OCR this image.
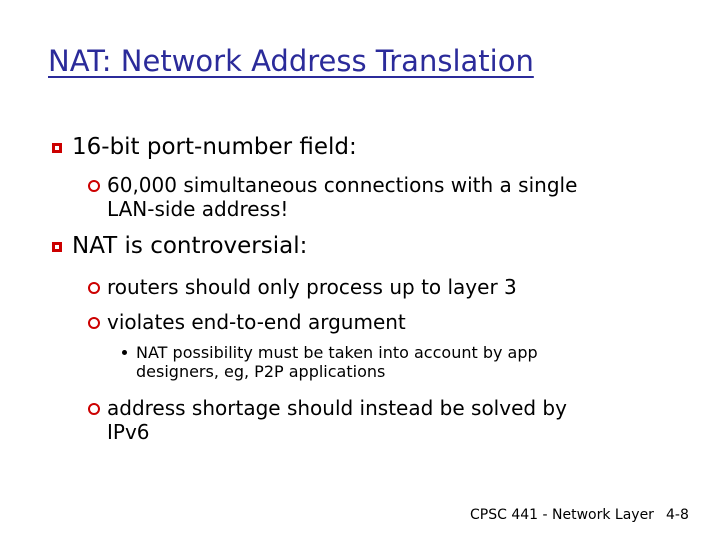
NAT: Network Address Translation
16-bit port-number field:
60,000 simultaneous connections with a single
LAN-side address!
NAT is controversial:
routers should only process up to layer 3
violates end-to-end argument
NAT possibility must be taken into account by app
designers, eg, P2P applications
address shortage should instead be solved by
IPv6
CPSC 441 - Network Layer 4-8
